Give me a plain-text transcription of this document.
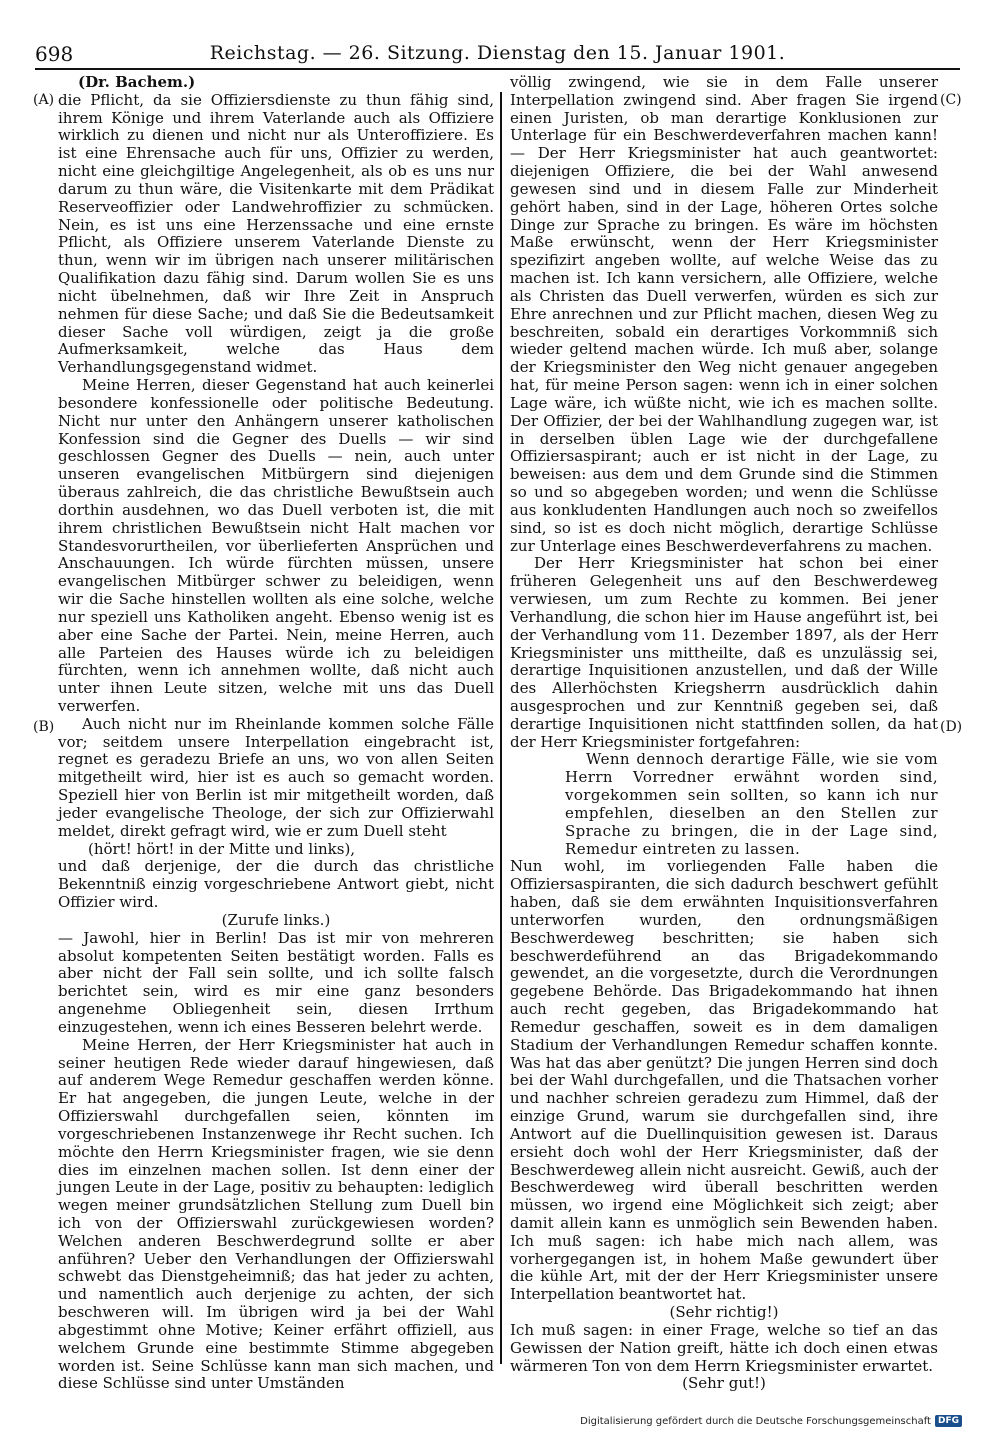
698	Reichstag. — 26. Sitzung. Dienstag den 15. Januar 1901.
(A)
(B)
(C)
(D)

(Dr. Bachem.)

die Pflicht, da sie Offiziersdienste zu thun fähig sind, ihrem Könige und ihrem Vaterlande auch als Offiziere wirklich zu dienen und nicht nur als Unteroffiziere. Es ist eine Ehrensache auch für uns, Offizier zu werden, nicht eine gleichgiltige Angelegenheit, als ob es uns nur darum zu thun wäre, die Visitenkarte mit dem Prädikat Reserveoffizier oder Landwehroffizier zu schmücken. Nein, es ist uns eine Herzenssache und eine ernste Pflicht, als Offiziere unserem Vaterlande Dienste zu thun, wenn wir im übrigen nach unserer militärischen Qualifikation dazu fähig sind. Darum wollen Sie es uns nicht übelnehmen, daß wir Ihre Zeit in Anspruch nehmen für diese Sache; und daß Sie die Bedeutsamkeit dieser Sache voll würdigen, zeigt ja die große Aufmerksamkeit, welche das Haus dem Verhandlungsgegenstand widmet.

Meine Herren, dieser Gegenstand hat auch keinerlei besondere konfessionelle oder politische Bedeutung. Nicht nur unter den Anhängern unserer katholischen Konfession sind die Gegner des Duells — wir sind geschlossen Gegner des Duells — nein, auch unter unseren evangelischen Mitbürgern sind diejenigen überaus zahlreich, die das christliche Bewußtsein auch dorthin ausdehnen, wo das Duell verboten ist, die mit ihrem christlichen Bewußtsein nicht Halt machen vor Standesvorurtheilen, vor überlieferten Ansprüchen und Anschauungen. Ich würde fürchten müssen, unsere evangelischen Mitbürger schwer zu beleidigen, wenn wir die Sache hinstellen wollten als eine solche, welche nur speziell uns Katholiken angeht. Ebenso wenig ist es aber eine Sache der Partei. Nein, meine Herren, auch alle Parteien des Hauses würde ich zu beleidigen fürchten, wenn ich annehmen wollte, daß nicht auch unter ihnen Leute sitzen, welche mit uns das Duell verwerfen.

Auch nicht nur im Rheinlande kommen solche Fälle vor; seitdem unsere Interpellation eingebracht ist, regnet es geradezu Briefe an uns, wo von allen Seiten mitgetheilt wird, hier ist es auch so gemacht worden. Speziell hier von Berlin ist mir mitgetheilt worden, daß jeder evangelische Theologe, der sich zur Offizierwahl meldet, direkt gefragt wird, wie er zum Duell steht

(hört! hört! in der Mitte und links),

und daß derjenige, der die durch das christliche Bekenntniß einzig vorgeschriebene Antwort giebt, nicht Offizier wird.

(Zurufe links.)

— Jawohl, hier in Berlin! Das ist mir von mehreren absolut kompetenten Seiten bestätigt worden. Falls es aber nicht der Fall sein sollte, und ich sollte falsch berichtet sein, wird es mir eine ganz besonders angenehme Obliegenheit sein, diesen Irrthum einzugestehen, wenn ich eines Besseren belehrt werde.

Meine Herren, der Herr Kriegsminister hat auch in seiner heutigen Rede wieder darauf hingewiesen, daß auf anderem Wege Remedur geschaffen werden könne. Er hat angegeben, die jungen Leute, welche in der Offizierswahl durchgefallen seien, könnten im vorgeschriebenen Instanzenwege ihr Recht suchen. Ich möchte den Herrn Kriegsminister fragen, wie sie denn dies im einzelnen machen sollen. Ist denn einer der jungen Leute in der Lage, positiv zu behaupten: lediglich wegen meiner grundsätzlichen Stellung zum Duell bin ich von der Offizierswahl zurückgewiesen worden? Welchen anderen Beschwerdegrund sollte er aber anführen? Ueber den Verhandlungen der Offizierswahl schwebt das Dienstgeheimniß; das hat jeder zu achten, und namentlich auch derjenige zu achten, der sich beschweren will. Im übrigen wird ja bei der Wahl abgestimmt ohne Motive; Keiner erfährt offiziell, aus welchem Grunde eine bestimmte Stimme abgegeben worden ist. Seine Schlüsse kann man sich machen, und diese Schlüsse sind unter Umständen

völlig zwingend, wie sie in dem Falle unserer Interpellation zwingend sind. Aber fragen Sie irgend einen Juristen, ob man derartige Konklusionen zur Unterlage für ein Beschwerdeverfahren machen kann! — Der Herr Kriegsminister hat auch geantwortet: diejenigen Offiziere, die bei der Wahl anwesend gewesen sind und in diesem Falle zur Minderheit gehört haben, sind in der Lage, höheren Ortes solche Dinge zur Sprache zu bringen. Es wäre im höchsten Maße erwünscht, wenn der Herr Kriegsminister spezifizirt angeben wollte, auf welche Weise das zu machen ist. Ich kann versichern, alle Offiziere, welche als Christen das Duell verwerfen, würden es sich zur Ehre anrechnen und zur Pflicht machen, diesen Weg zu beschreiten, sobald ein derartiges Vorkommniß sich wieder geltend machen würde. Ich muß aber, solange der Kriegsminister den Weg nicht genauer angegeben hat, für meine Person sagen: wenn ich in einer solchen Lage wäre, ich wüßte nicht, wie ich es machen sollte. Der Offizier, der bei der Wahlhandlung zugegen war, ist in derselben üblen Lage wie der durchgefallene Offiziersaspirant; auch er ist nicht in der Lage, zu beweisen: aus dem und dem Grunde sind die Stimmen so und so abgegeben worden; und wenn die Schlüsse aus konkludenten Handlungen auch noch so zweifellos sind, so ist es doch nicht möglich, derartige Schlüsse zur Unterlage eines Beschwerdeverfahrens zu machen.

Der Herr Kriegsminister hat schon bei einer früheren Gelegenheit uns auf den Beschwerdeweg verwiesen, um zum Rechte zu kommen. Bei jener Verhandlung, die schon hier im Hause angeführt ist, bei der Verhandlung vom 11. Dezember 1897, als der Herr Kriegsminister uns mittheilte, daß es unzulässig sei, derartige Inquisitionen anzustellen, und daß der Wille des Allerhöchsten Kriegsherrn ausdrücklich dahin ausgesprochen und zur Kenntniß gegeben sei, daß derartige Inquisitionen nicht stattfinden sollen, da hat der Herr Kriegsminister fortgefahren:

Wenn dennoch derartige Fälle, wie sie vom Herrn Vorredner erwähnt worden sind, vorgekommen sein sollten, so kann ich nur empfehlen, dieselben an den Stellen zur Sprache zu bringen, die in der Lage sind, Remedur eintreten zu lassen.

Nun wohl, im vorliegenden Falle haben die Offiziersaspiranten, die sich dadurch beschwert gefühlt haben, daß sie dem erwähnten Inquisitionsverfahren unterworfen wurden, den ordnungsmäßigen Beschwerdeweg beschritten; sie haben sich beschwerdeführend an das Brigadekommando gewendet, an die vorgesetzte, durch die Verordnungen gegebene Behörde. Das Brigadekommando hat ihnen auch recht gegeben, das Brigadekommando hat Remedur geschaffen, soweit es in dem damaligen Stadium der Verhandlungen Remedur schaffen konnte. Was hat das aber genützt? Die jungen Herren sind doch bei der Wahl durchgefallen, und die Thatsachen vorher und nachher schreien geradezu zum Himmel, daß der einzige Grund, warum sie durchgefallen sind, ihre Antwort auf die Duellinquisition gewesen ist. Daraus ersieht doch wohl der Herr Kriegsminister, daß der Beschwerdeweg allein nicht ausreicht. Gewiß, auch der Beschwerdeweg wird überall beschritten werden müssen, wo irgend eine Möglichkeit sich zeigt; aber damit allein kann es unmöglich sein Bewenden haben. Ich muß sagen: ich habe mich nach allem, was vorhergegangen ist, in hohem Maße gewundert über die kühle Art, mit der der Herr Kriegsminister unsere Interpellation beantwortet hat.

(Sehr richtig!)

Ich muß sagen: in einer Frage, welche so tief an das Gewissen der Nation greift, hätte ich doch einen etwas wärmeren Ton von dem Herrn Kriegsminister erwartet.

(Sehr gut!)

Digitalisierung gefördert durch die Deutsche Forschungsgemeinschaft DFG
